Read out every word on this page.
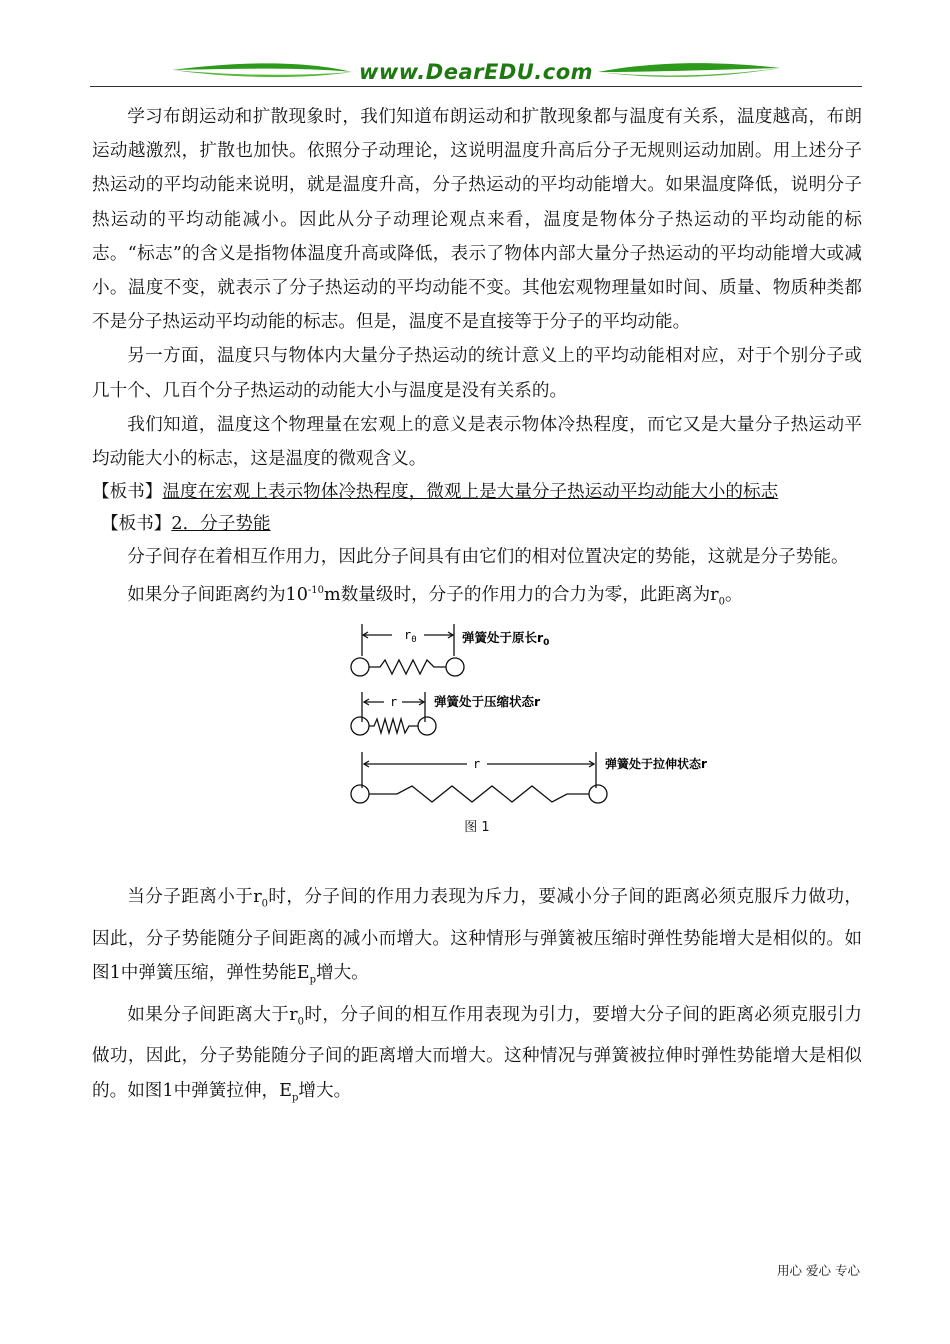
www.DearEDU.com

学习布朗运动和扩散现象时，我们知道布朗运动和扩散现象都与温度有关系，温度越高，布朗运动越激烈，扩散也加快。依照分子动理论，这说明温度升高后分子无规则运动加剧。用上述分子热运动的平均动能来说明，就是温度升高，分子热运动的平均动能增大。如果温度降低，说明分子热运动的平均动能减小。因此从分子动理论观点来看，温度是物体分子热运动的平均动能的标志。“标志”的含义是指物体温度升高或降低，表示了物体内部大量分子热运动的平均动能增大或减小。温度不变，就表示了分子热运动的平均动能不变。其他宏观物理量如时间、质量、物质种类都不是分子热运动平均动能的标志。但是，温度不是直接等于分子的平均动能。

另一方面，温度只与物体内大量分子热运动的统计意义上的平均动能相对应，对于个别分子或几十个、几百个分子热运动的动能大小与温度是没有关系的。

我们知道，温度这个物理量在宏观上的意义是表示物体冷热程度，而它又是大量分子热运动平均动能大小的标志，这是温度的微观含义。

【板书】温度在宏观上表示物体冷热程度，微观上是大量分子热运动平均动能大小的标志

【板书】2．分子势能

分子间存在着相互作用力，因此分子间具有由它们的相对位置决定的势能，这就是分子势能。

如果分子间距离约为$10^{-10}m$数量级时，分子的作用力的合力为零，此距离为$r_0$。

$r_0$
r
r
弹簧处于原长$r_0$
弹簧处于压缩状态r
弹簧处于拉伸状态r
图 1

当分子距离小于$r_0$时，分子间的作用力表现为斥力，要减小分子间的距离必须克服斥力做功，因此，分子势能随分子间距离的减小而增大。这种情形与弹簧被压缩时弹性势能增大是相似的。如图1中弹簧压缩，弹性势能$E_p$增大。

如果分子间距离大于$r_0$时，分子间的相互作用表现为引力，要增大分子间的距离必须克服引力做功，因此，分子势能随分子间的距离增大而增大。这种情况与弹簧被拉伸时弹性势能增大是相似的。如图1中弹簧拉伸，$E_p$增大。

用心 爱心 专心
